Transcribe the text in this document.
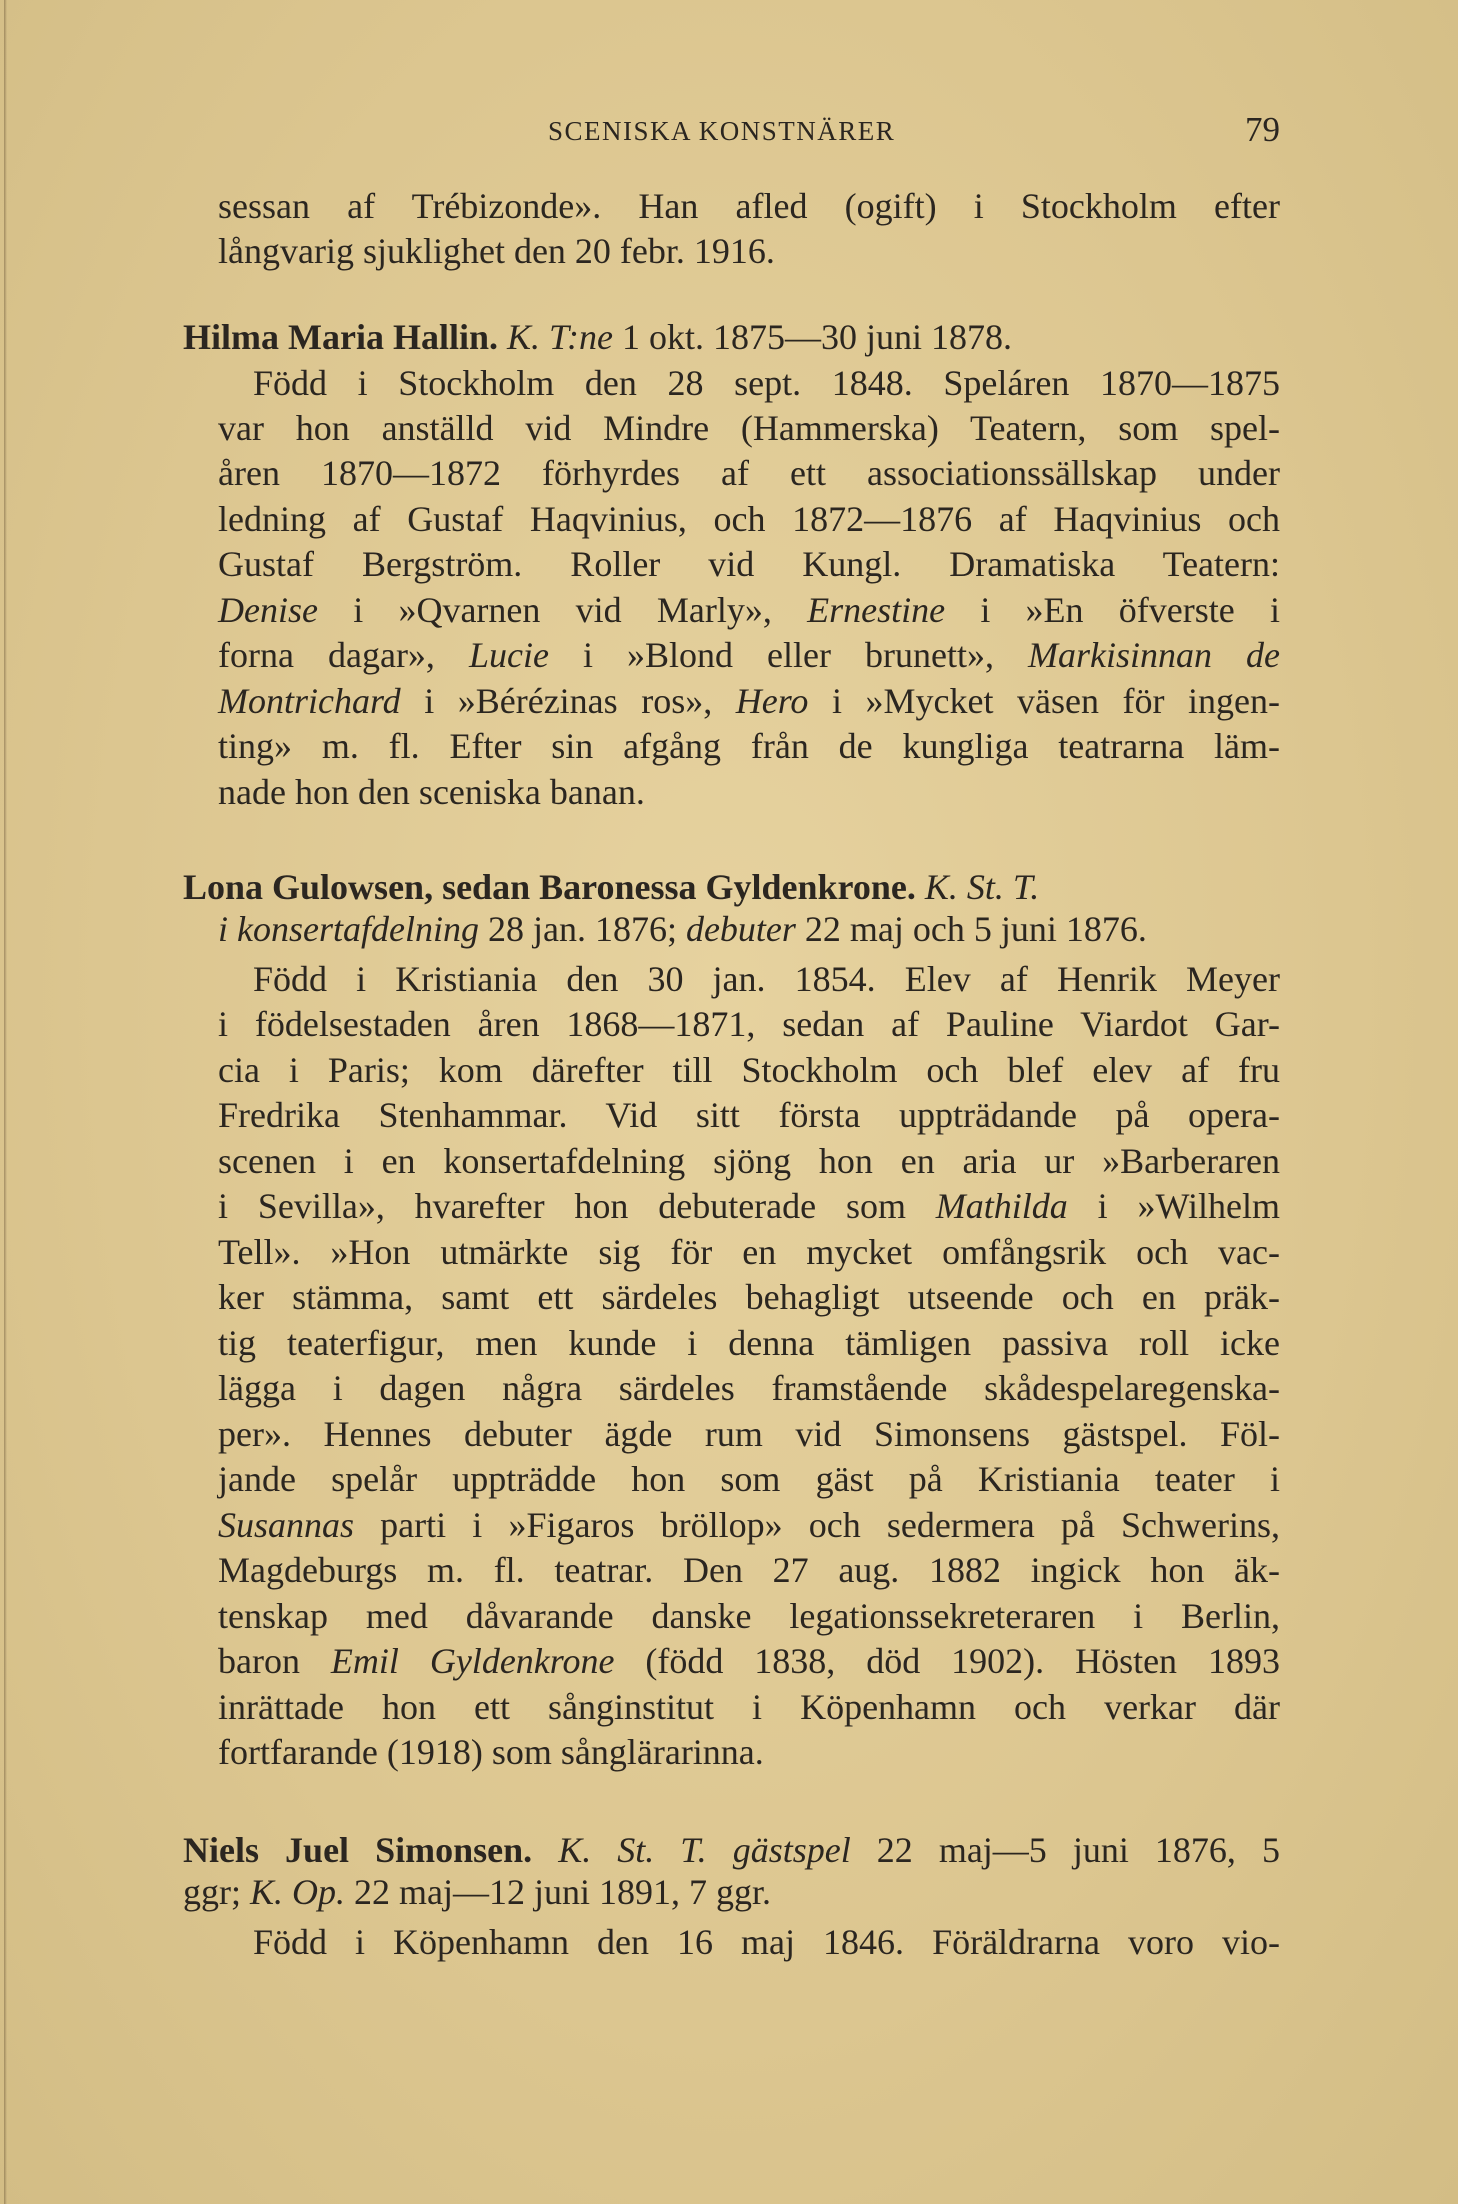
SCENISKA KONSTNÄRER	79
sessan af Trébizonde». Han afled (ogift) i Stockholm efter
långvarig sjuklighet den 20 febr. 1916.
Hilma Maria Hallin. K. T:ne 1 okt. 1875—30 juni 1878.
Född i Stockholm den 28 sept. 1848. Speláren 1870—1875
var hon anställd vid Mindre (Hammerska) Teatern, som spel-
åren 1870—1872 förhyrdes af ett associationssällskap under
ledning af Gustaf Haqvinius, och 1872—1876 af Haqvinius och
Gustaf Bergström. Roller vid Kungl. Dramatiska Teatern:
Denise i »Qvarnen vid Marly», Ernestine i »En öfverste i
forna dagar», Lucie i »Blond eller brunett», Markisinnan de
Montrichard i »Bérézinas ros», Hero i »Mycket väsen för ingen-
ting» m. fl. Efter sin afgång från de kungliga teatrarna läm-
nade hon den sceniska banan.
Lona Gulowsen, sedan Baronessa Gyldenkrone. K. St. T.
i konsertafdelning 28 jan. 1876; debuter 22 maj och 5 juni 1876.
Född i Kristiania den 30 jan. 1854. Elev af Henrik Meyer
i födelsestaden åren 1868—1871, sedan af Pauline Viardot Gar-
cia i Paris; kom därefter till Stockholm och blef elev af fru
Fredrika Stenhammar. Vid sitt första uppträdande på opera-
scenen i en konsertafdelning sjöng hon en aria ur »Barberaren
i Sevilla», hvarefter hon debuterade som Mathilda i »Wilhelm
Tell». »Hon utmärkte sig för en mycket omfångsrik och vac-
ker stämma, samt ett särdeles behagligt utseende och en präk-
tig teaterfigur, men kunde i denna tämligen passiva roll icke
lägga i dagen några särdeles framstående skådespelaregenska-
per». Hennes debuter ägde rum vid Simonsens gästspel. Föl-
jande spelår uppträdde hon som gäst på Kristiania teater i
Susannas parti i »Figaros bröllop» och sedermera på Schwerins,
Magdeburgs m. fl. teatrar. Den 27 aug. 1882 ingick hon äk-
tenskap med dåvarande danske legationssekreteraren i Berlin,
baron Emil Gyldenkrone (född 1838, död 1902). Hösten 1893
inrättade hon ett sånginstitut i Köpenhamn och verkar där
fortfarande (1918) som sånglärarinna.
Niels Juel Simonsen. K. St. T. gästspel 22 maj—5 juni 1876, 5
ggr; K. Op. 22 maj—12 juni 1891, 7 ggr.
Född i Köpenhamn den 16 maj 1846. Föräldrarna voro vio-
